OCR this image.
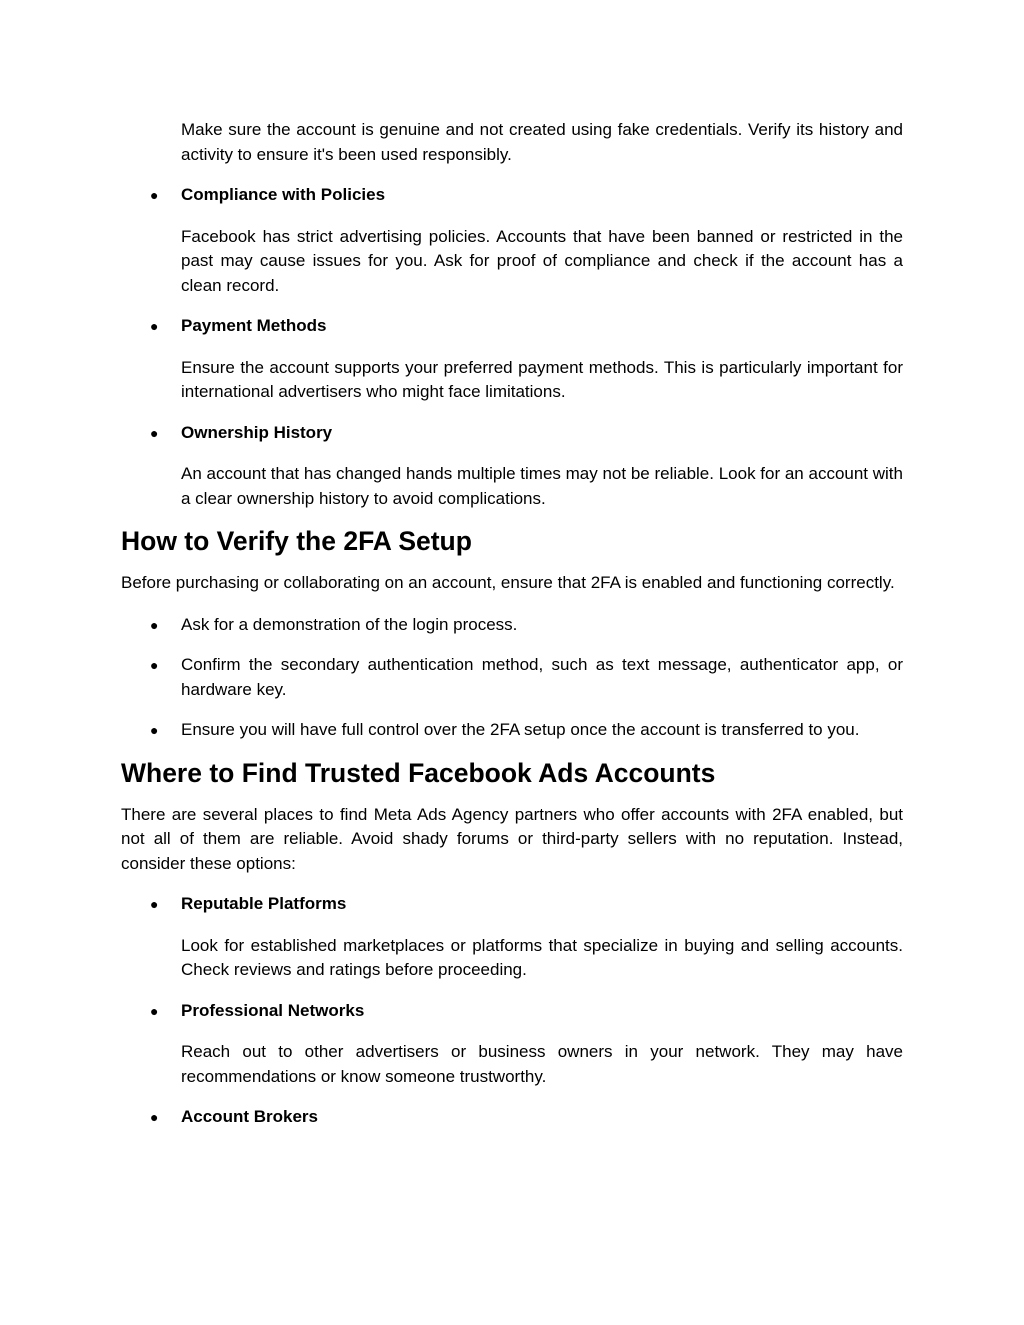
Make sure the account is genuine and not created using fake credentials. Verify its history and activity to ensure it's been used responsibly.

● Compliance with Policies

Facebook has strict advertising policies. Accounts that have been banned or restricted in the past may cause issues for you. Ask for proof of compliance and check if the account has a clean record.

● Payment Methods

Ensure the account supports your preferred payment methods. This is particularly important for international advertisers who might face limitations.

● Ownership History

An account that has changed hands multiple times may not be reliable. Look for an account with a clear ownership history to avoid complications.

How to Verify the 2FA Setup

Before purchasing or collaborating on an account, ensure that 2FA is enabled and functioning correctly.

● Ask for a demonstration of the login process.
● Confirm the secondary authentication method, such as text message, authenticator app, or hardware key.
● Ensure you will have full control over the 2FA setup once the account is transferred to you.
Where to Find Trusted Facebook Ads Accounts

There are several places to find Meta Ads Agency partners who offer accounts with 2FA enabled, but not all of them are reliable. Avoid shady forums or third-party sellers with no reputation. Instead, consider these options:

● Reputable Platforms

Look for established marketplaces or platforms that specialize in buying and selling accounts. Check reviews and ratings before proceeding.

● Professional Networks

Reach out to other advertisers or business owners in your network. They may have recommendations or know someone trustworthy.

● Account Brokers
